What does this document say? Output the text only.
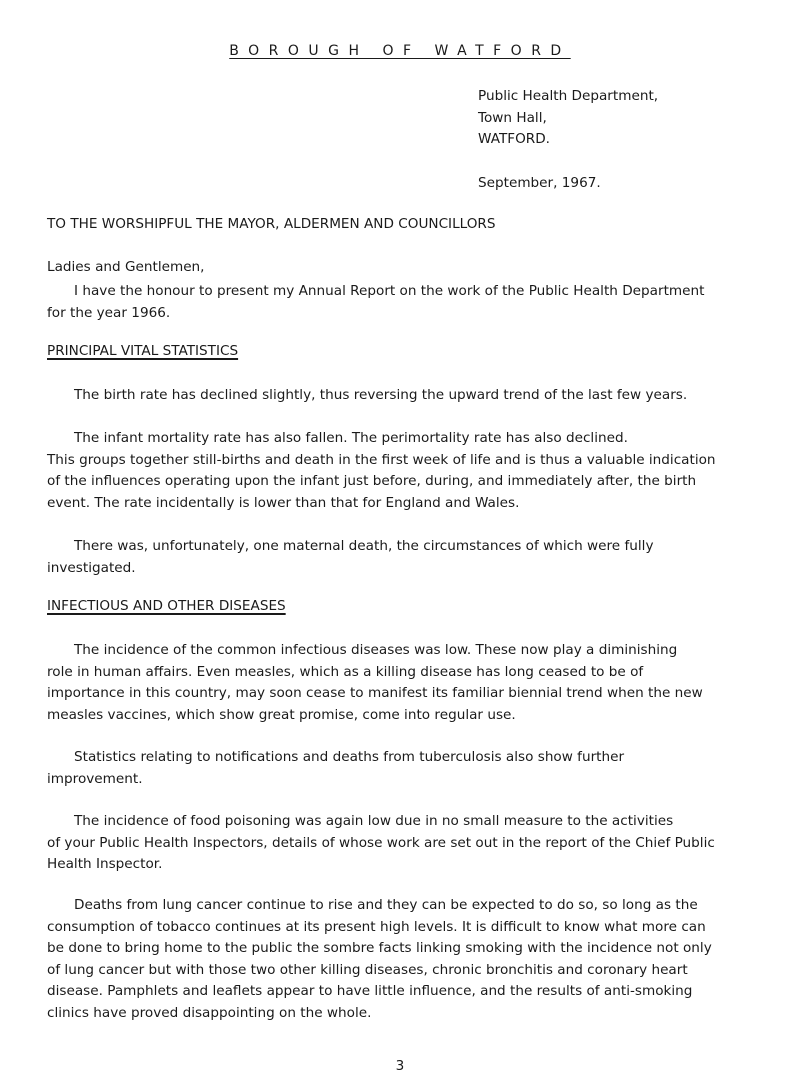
BOROUGH OF WATFORD
Public Health Department,
Town Hall,
WATFORD.
September, 1967.
TO THE WORSHIPFUL THE MAYOR, ALDERMEN AND COUNCILLORS
Ladies and Gentlemen,
I have the honour to present my Annual Report on the work of the Public Health Department
for the year 1966.
PRINCIPAL VITAL STATISTICS
The birth rate has declined slightly, thus reversing the upward trend of the last few years.
The infant mortality rate has also fallen. The perimortality rate has also declined.
This groups together still-births and death in the first week of life and is thus a valuable indication
of the influences operating upon the infant just before, during, and immediately after, the birth
event. The rate incidentally is lower than that for England and Wales.
There was, unfortunately, one maternal death, the circumstances of which were fully
investigated.
INFECTIOUS AND OTHER DISEASES
The incidence of the common infectious diseases was low. These now play a diminishing
role in human affairs. Even measles, which as a killing disease has long ceased to be of
importance in this country, may soon cease to manifest its familiar biennial trend when the new
measles vaccines, which show great promise, come into regular use.
Statistics relating to notifications and deaths from tuberculosis also show further
improvement.
The incidence of food poisoning was again low due in no small measure to the activities
of your Public Health Inspectors, details of whose work are set out in the report of the Chief Public
Health Inspector.
Deaths from lung cancer continue to rise and they can be expected to do so, so long as the
consumption of tobacco continues at its present high levels. It is difficult to know what more can
be done to bring home to the public the sombre facts linking smoking with the incidence not only
of lung cancer but with those two other killing diseases, chronic bronchitis and coronary heart
disease. Pamphlets and leaflets appear to have little influence, and the results of anti-smoking
clinics have proved disappointing on the whole.
3
